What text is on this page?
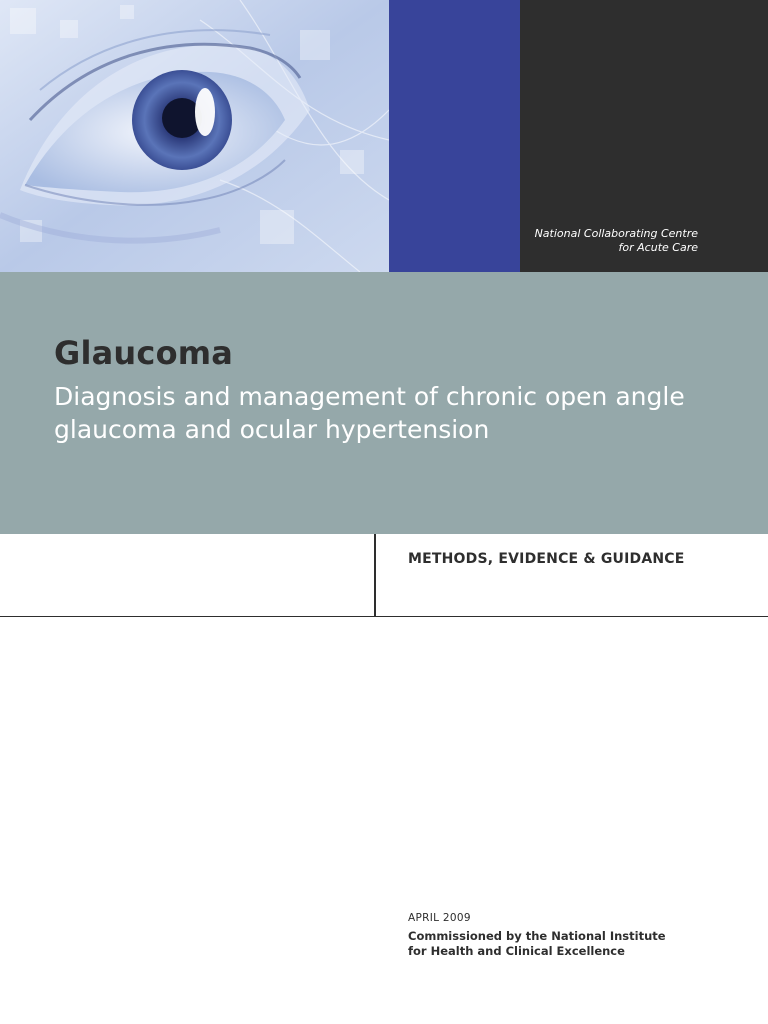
National Collaborating Centre
for Acute Care
Glaucoma
Diagnosis and management of chronic open angle glaucoma and ocular hypertension

METHODS, EVIDENCE & GUIDANCE

APRIL 2009
Commissioned by the National Institute
for Health and Clinical Excellence
